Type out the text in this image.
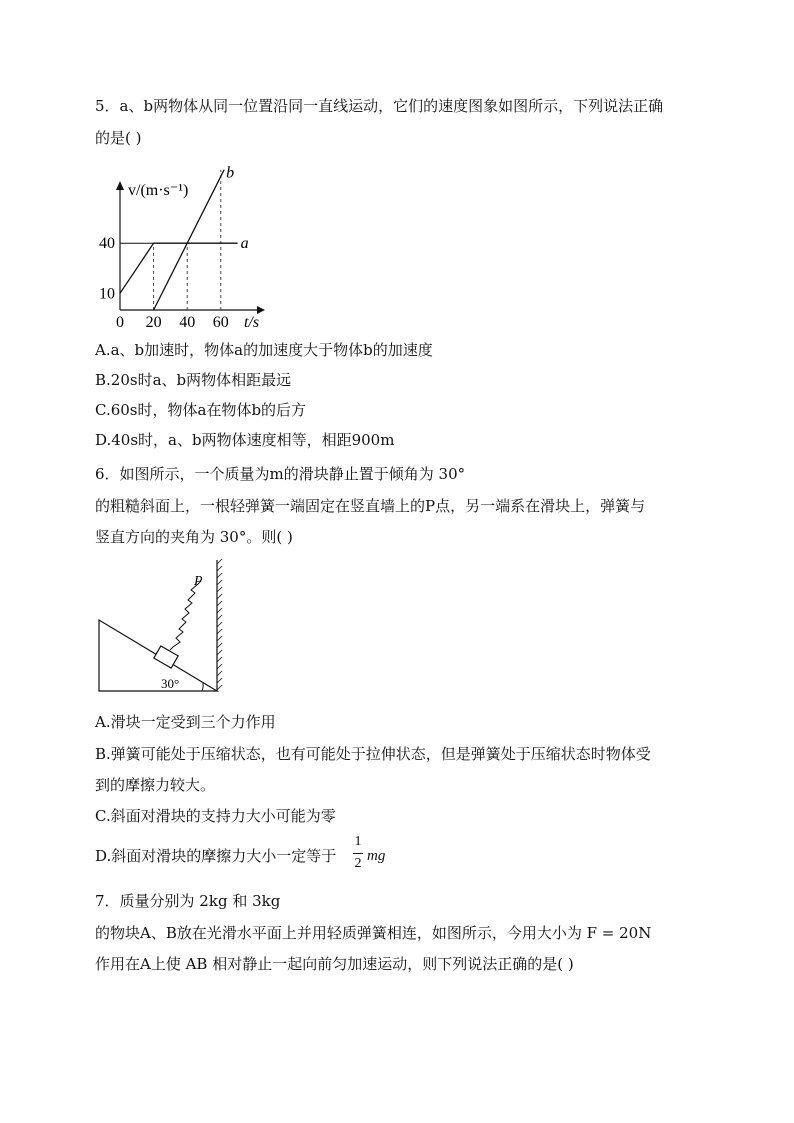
5．a、b两物体从同一位置沿同一直线运动，它们的速度图象如图所示，下列说法正确
的是( )
v/(m·s⁻¹)
t/s
0 20 40 60
10
40	a
b
A.a、b加速时，物体a的加速度大于物体b的加速度
B.20s时a、b两物体相距最远
C.60s时，物体a在物体b的后方
D.40s时，a、b两物体速度相等，相距900m
6．如图所示，一个质量为m的滑块静止置于倾角为 30°
的粗糙斜面上，一根轻弹簧一端固定在竖直墙上的P点，另一端系在滑块上，弹簧与
竖直方向的夹角为 30°。则( )
P
30°
A.滑块一定受到三个力作用
B.弹簧可能处于压缩状态，也有可能处于拉伸状态，但是弹簧处于压缩状态时物体受
到的摩擦力较大。
C.斜面对滑块的支持力大小可能为零
D.斜面对滑块的摩擦力大小一定等于
1
2 mg
7．质量分别为 2kg 和 3kg
的物块A、B放在光滑水平面上并用轻质弹簧相连，如图所示，今用大小为 F = 20N
作用在A上使 AB 相对静止一起向前匀加速运动，则下列说法正确的是( )
